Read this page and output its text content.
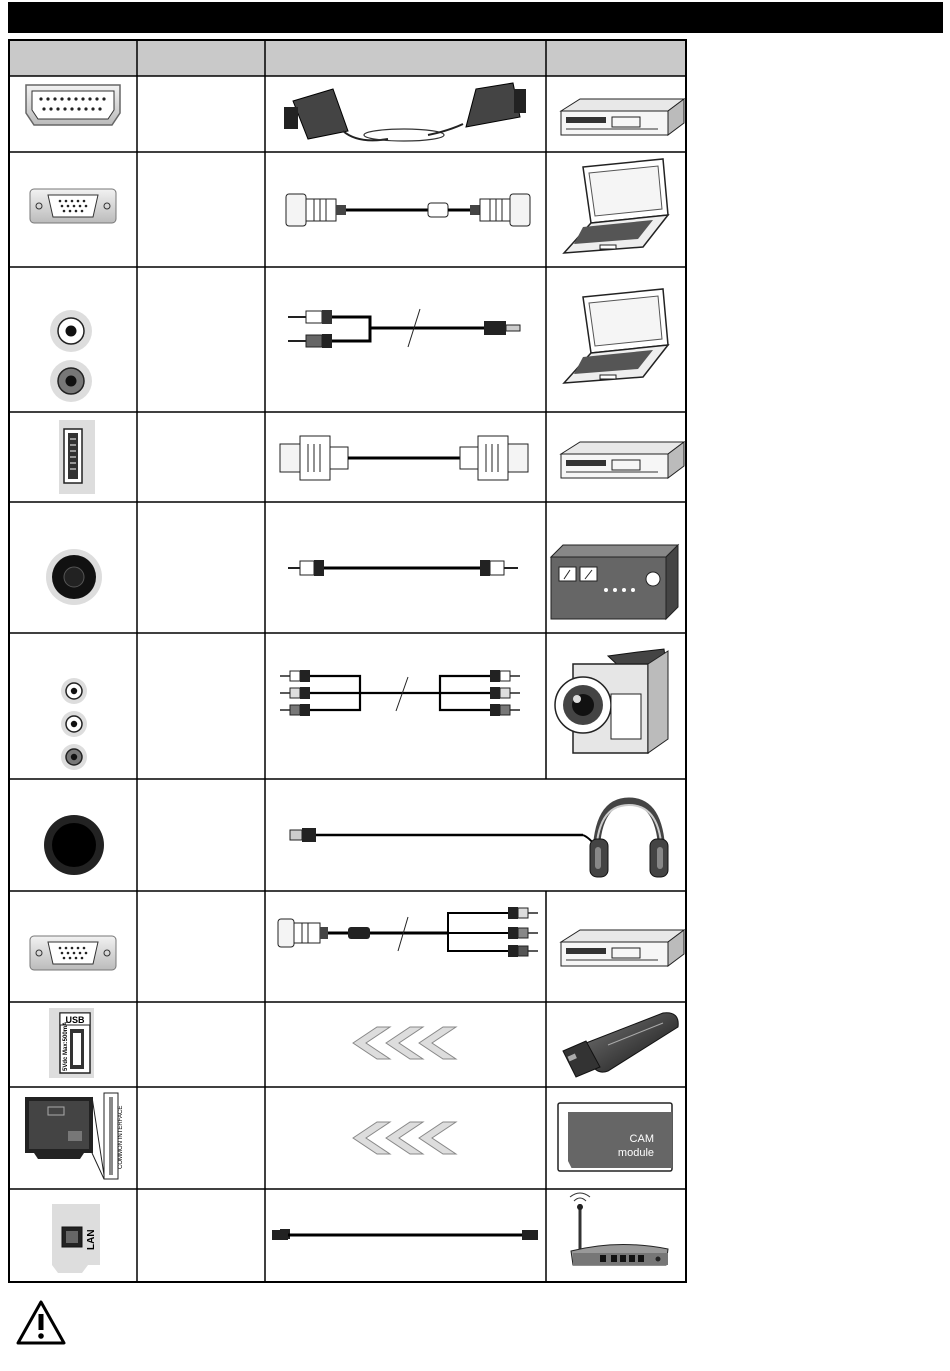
USB
5Vdc Max:500mA
COMMON INTERFACE	CAM
module
LAN
